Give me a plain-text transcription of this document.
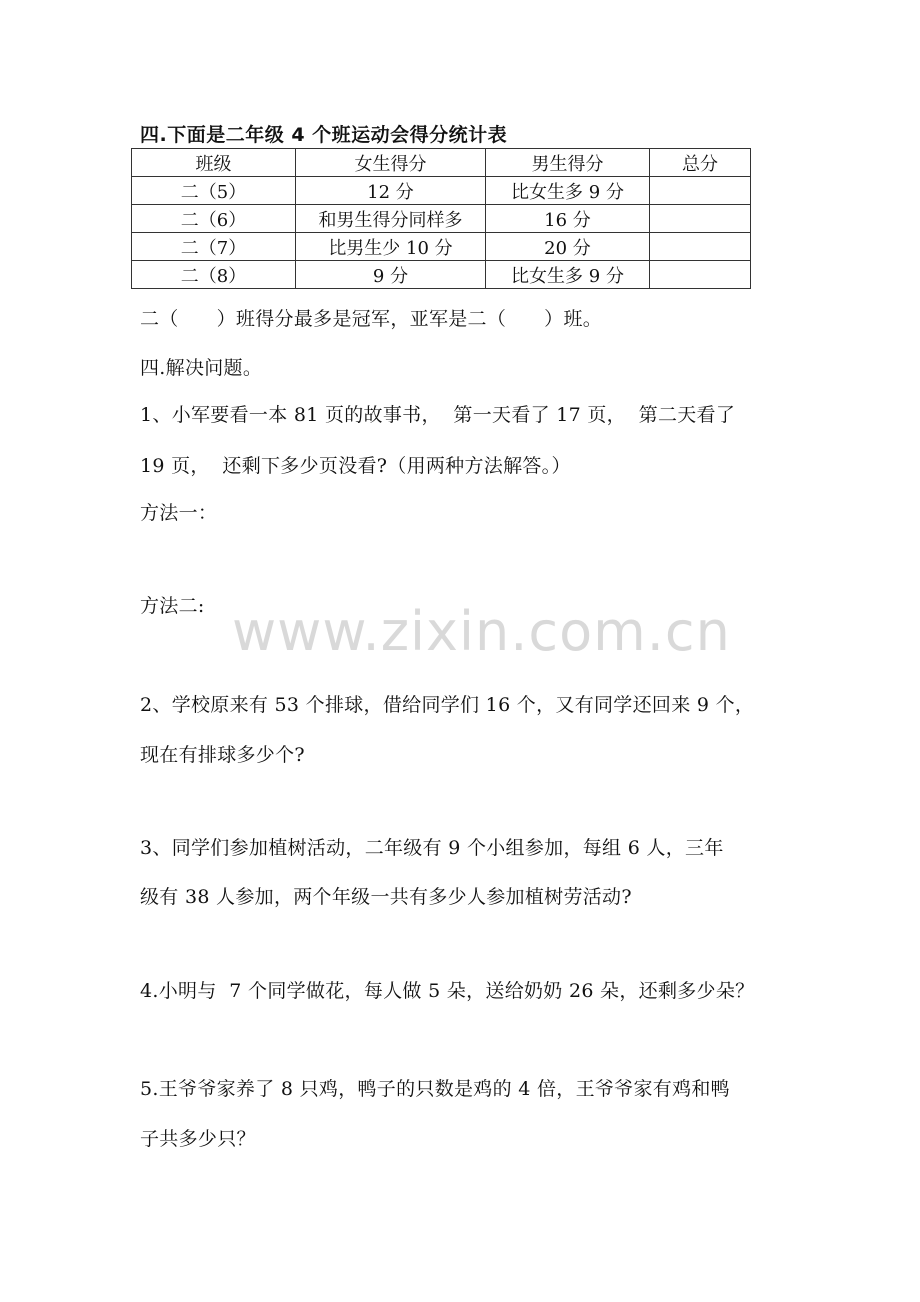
四.下面是二年级 4 个班运动会得分统计表
班级	女生得分	男生得分	总分
二（5）	12 分	比女生多 9 分	
二（6）	和男生得分同样多	16 分	
二（7）	比男生少 10 分	20 分	
二（8）	9 分	比女生多 9 分	
二（      ）班得分最多是冠军，亚军是二（      ）班。
四.解决问题。
1、小军要看一本 81 页的故事书，  第一天看了 17 页，  第二天看了
19 页，  还剩下多少页没看?（用两种方法解答。）
方法一：
方法二: www.zixin.com.cn
2、学校原来有 53 个排球，借给同学们 16 个，又有同学还回来 9 个，
现在有排球多少个?
3、同学们参加植树活动，二年级有 9 个小组参加，每组 6 人，三年
级有 38 人参加，两个年级一共有多少人参加植树劳活动?
4.小明与  7 个同学做花，每人做 5 朵，送给奶奶 26 朵，还剩多少朵？
5.王爷爷家养了 8 只鸡，鸭子的只数是鸡的 4 倍，王爷爷家有鸡和鸭
子共多少只？
